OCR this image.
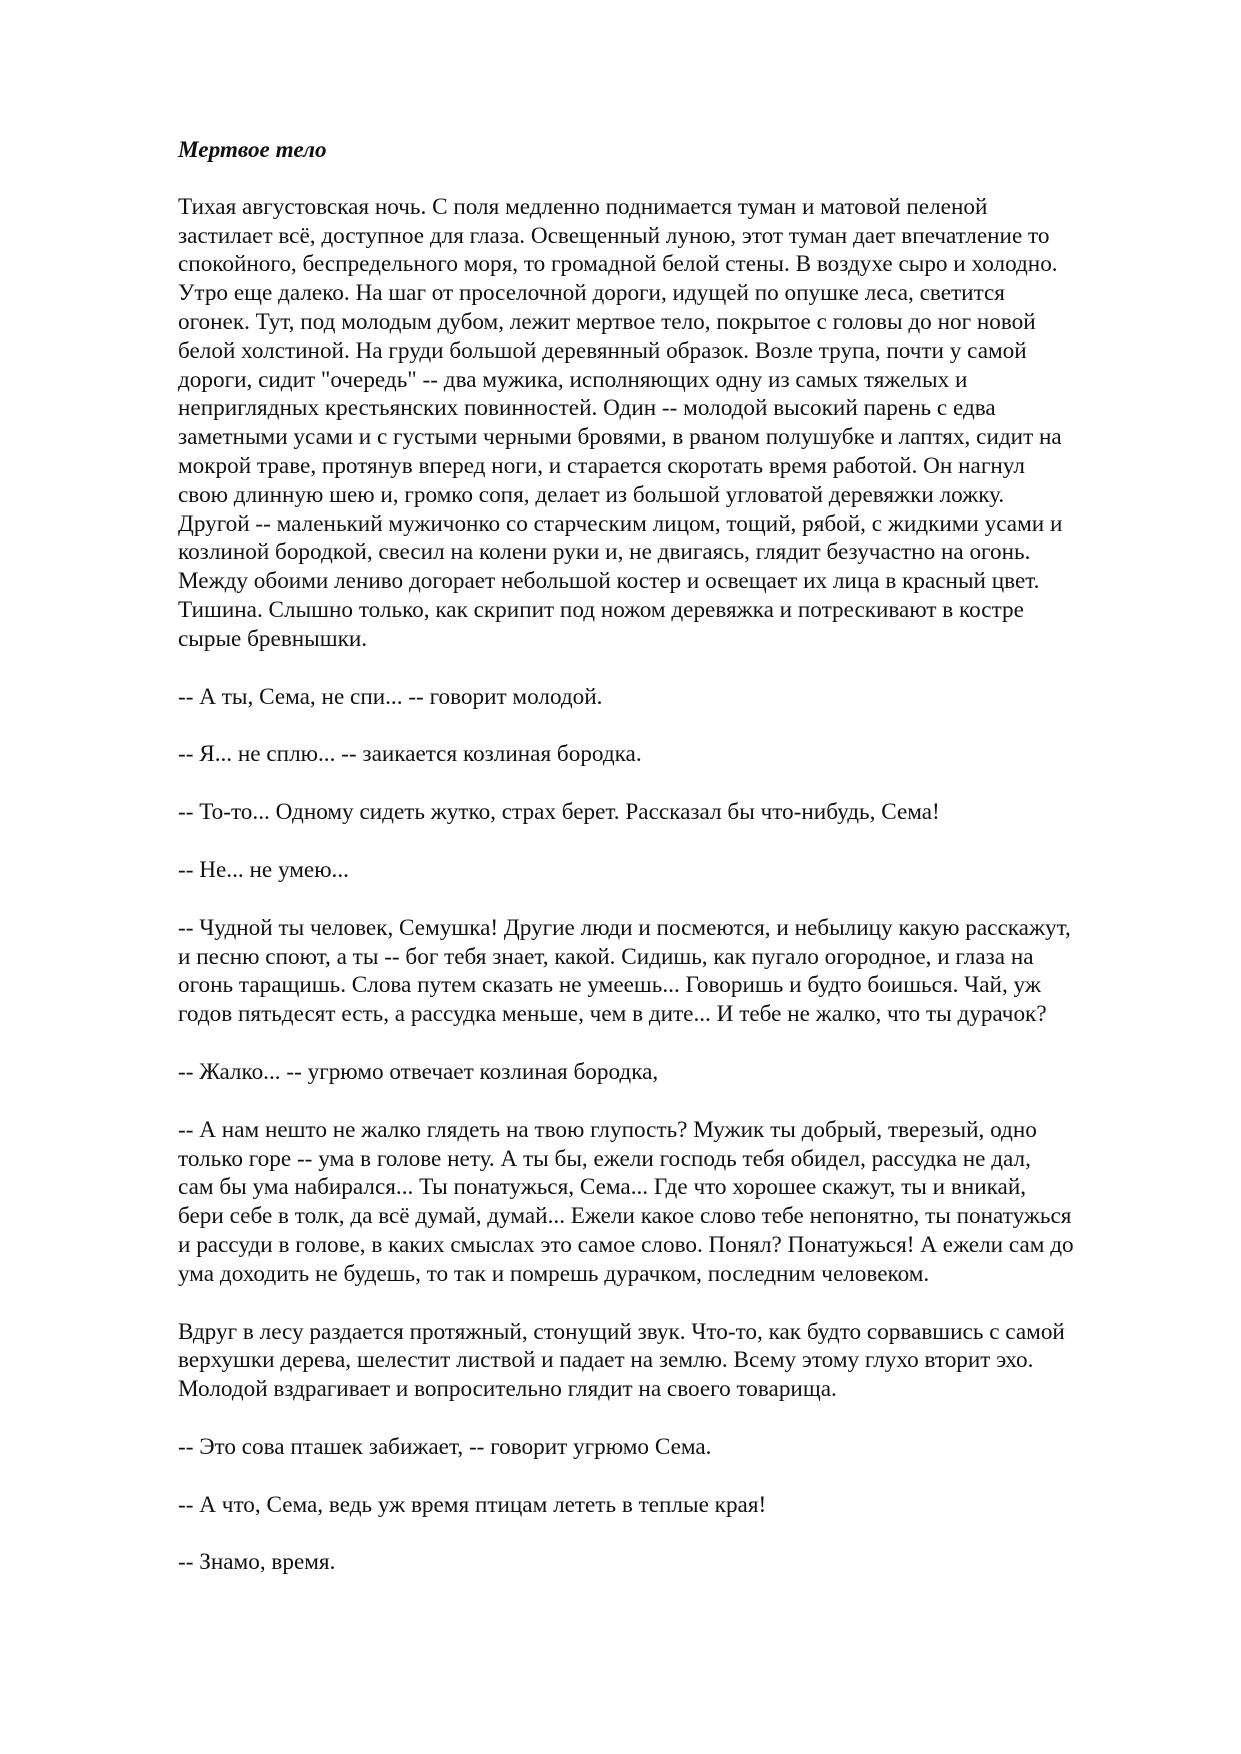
Мертвое тело
Тихая августовская ночь. С поля медленно поднимается туман и матовой пеленой
застилает всё, доступное для глаза. Освещенный луною, этот туман дает впечатление то
спокойного, беспредельного моря, то громадной белой стены. В воздухе сыро и холодно.
Утро еще далеко. На шаг от проселочной дороги, идущей по опушке леса, светится
огонек. Тут, под молодым дубом, лежит мертвое тело, покрытое с головы до ног новой
белой холстиной. На груди большой деревянный образок. Возле трупа, почти у самой
дороги, сидит "очередь" -- два мужика, исполняющих одну из самых тяжелых и
неприглядных крестьянских повинностей. Один -- молодой высокий парень с едва
заметными усами и с густыми черными бровями, в рваном полушубке и лаптях, сидит на
мокрой траве, протянув вперед ноги, и старается скоротать время работой. Он нагнул
свою длинную шею и, громко сопя, делает из большой угловатой деревяжки ложку.
Другой -- маленький мужичонко со старческим лицом, тощий, рябой, с жидкими усами и
козлиной бородкой, свесил на колени руки и, не двигаясь, глядит безучастно на огонь.
Между обоими лениво догорает небольшой костер и освещает их лица в красный цвет.
Тишина. Слышно только, как скрипит под ножом деревяжка и потрескивают в костре
сырые бревнышки.
-- А ты, Сема, не спи... -- говорит молодой.
-- Я... не сплю... -- заикается козлиная бородка.
-- То-то... Одному сидеть жутко, страх берет. Рассказал бы что-нибудь, Сема!
-- Не... не умею...
-- Чудной ты человек, Семушка! Другие люди и посмеются, и небылицу какую расскажут,
и песню споют, а ты -- бог тебя знает, какой. Сидишь, как пугало огородное, и глаза на
огонь таращишь. Слова путем сказать не умеешь... Говоришь и будто боишься. Чай, уж
годов пятьдесят есть, а рассудка меньше, чем в дите... И тебе не жалко, что ты дурачок?
-- Жалко... -- угрюмо отвечает козлиная бородка,
-- А нам нешто не жалко глядеть на твою глупость? Мужик ты добрый, тверезый, одно
только горе -- ума в голове нету. А ты бы, ежели господь тебя обидел, рассудка не дал,
сам бы ума набирался... Ты понатужься, Сема... Где что хорошее скажут, ты и вникай,
бери себе в толк, да всё думай, думай... Ежели какое слово тебе непонятно, ты понатужься
и рассуди в голове, в каких смыслах это самое слово. Понял? Понатужься! А ежели сам до
ума доходить не будешь, то так и помрешь дурачком, последним человеком.
Вдруг в лесу раздается протяжный, стонущий звук. Что-то, как будто сорвавшись с самой
верхушки дерева, шелестит листвой и падает на землю. Всему этому глухо вторит эхо.
Молодой вздрагивает и вопросительно глядит на своего товарища.
-- Это сова пташек забижает, -- говорит угрюмо Сема.
-- А что, Сема, ведь уж время птицам лететь в теплые края!
-- Знамо, время.
